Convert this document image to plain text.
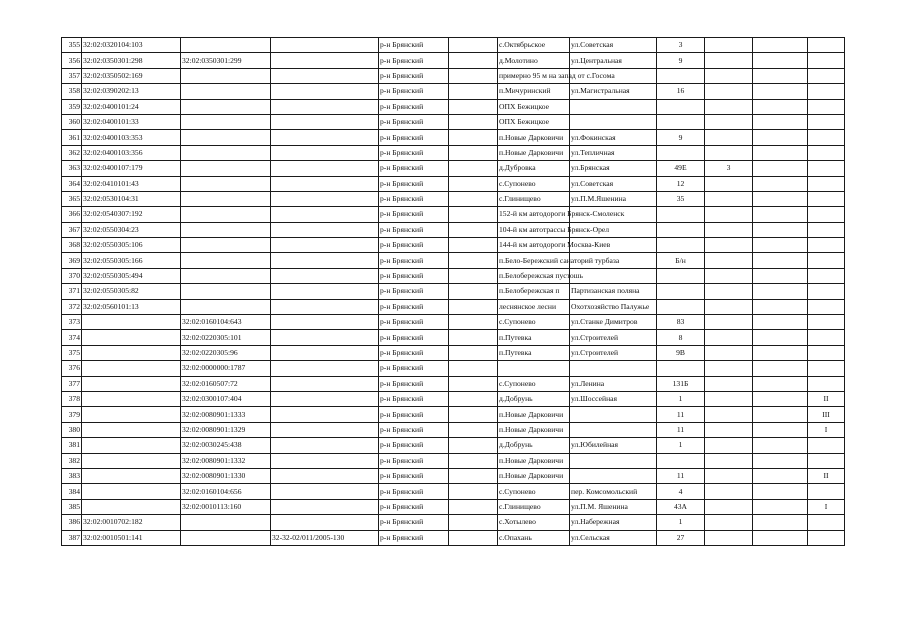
355	32:02:0320104:103			р-н Брянский		с.Октябрьское	ул.Советская	3			
356	32:02:0350301:298	32:02:0350301:299		р-н Брянский		д.Молотино	ул.Центральная	9			
357	32:02:0350502:169			р-н Брянский		примерно 95 м на запад от с.Госома					
358	32:02:0390202:13			р-н Брянский		п.Мичуринский	ул.Магистральная	16			
359	32:02:0400101:24			р-н Брянский		ОПХ Бежицкое					
360	32:02:0400101:33			р-н Брянский		ОПХ Бежицкое					
361	32:02:0400103:353			р-н Брянский		п.Новые Дарковичи	ул.Фокинская	9			
362	32:02:0400103:356			р-н Брянский		п.Новые Дарковичи	ул.Тепличная				
363	32:02:0400107:179			р-н Брянский		д.Дубровка	ул.Брянская	49Е	3		
364	32:02:0410101:43			р-н Брянский		с.Супонево	ул.Советская	12			
365	32:02:0530104:31			р-н Брянский		с.Глинищево	ул.П.М.Яшенина	35			
366	32:02:0540307:192			р-н Брянский		152-й км автодороги Брянск-Смоленск					
367	32:02:0550304:23			р-н Брянский		104-й км автотрассы Брянск-Орел					
368	32:02:0550305:106			р-н Брянский		144-й км автодороги Москва-Киев					
369	32:02:0550305:166			р-н Брянский		п.Бело-Бережский санаторий турбаза		Б/н			
370	32:02:0550305:494			р-н Брянский		п.Белобережская пустошь					
371	32:02:0550305:82			р-н Брянский		п.Белобережская п	Партизанская поляна				
372	32:02:0560101:13			р-н Брянский		леснянское лесни	Охотхозяйство Палужье				
373		32:02:0160104:643		р-н Брянский		с.Супонево	ул.Станке Димитров	83			
374		32:02:0220305:101		р-н Брянский		п.Путевка	ул.Строителей	8			
375		32:02:0220305:96		р-н Брянский		п.Путевка	ул.Строителей	9В			
376		32:02:0000000:1787		р-н Брянский							
377		32:02:0160507:72		р-н Брянский		с.Супонево	ул.Ленина	131Б			
378		32:02:0300107:404		р-н Брянский		д.Добрунь	ул.Шоссейная	1			II
379		32:02:0080901:1333		р-н Брянский		п.Новые Дарковичи		11			III
380		32:02:0080901:1329		р-н Брянский		п.Новые Дарковичи		11			I
381		32:02:0030245:438		р-н Брянский		д.Добрунь	ул.Юбилейная	1			
382		32:02:0080901:1332		р-н Брянский		п.Новые Дарковичи					
383		32:02:0080901:1330		р-н Брянский		п.Новые Дарковичи		11			II
384		32:02:0160104:656		р-н Брянский		с.Супонево	пер. Комсомольский	4			
385		32:02:0010113:160		р-н Брянский		с.Глинищево	ул.П.М. Яшенина	43А			I
386	32:02:0010702:182			р-н Брянский		с.Хотылево	ул.Набережная	1			
387	32:02:0010501:141		32-32-02/011/2005-130	р-н Брянский		с.Опахань	ул.Сельская	27			
